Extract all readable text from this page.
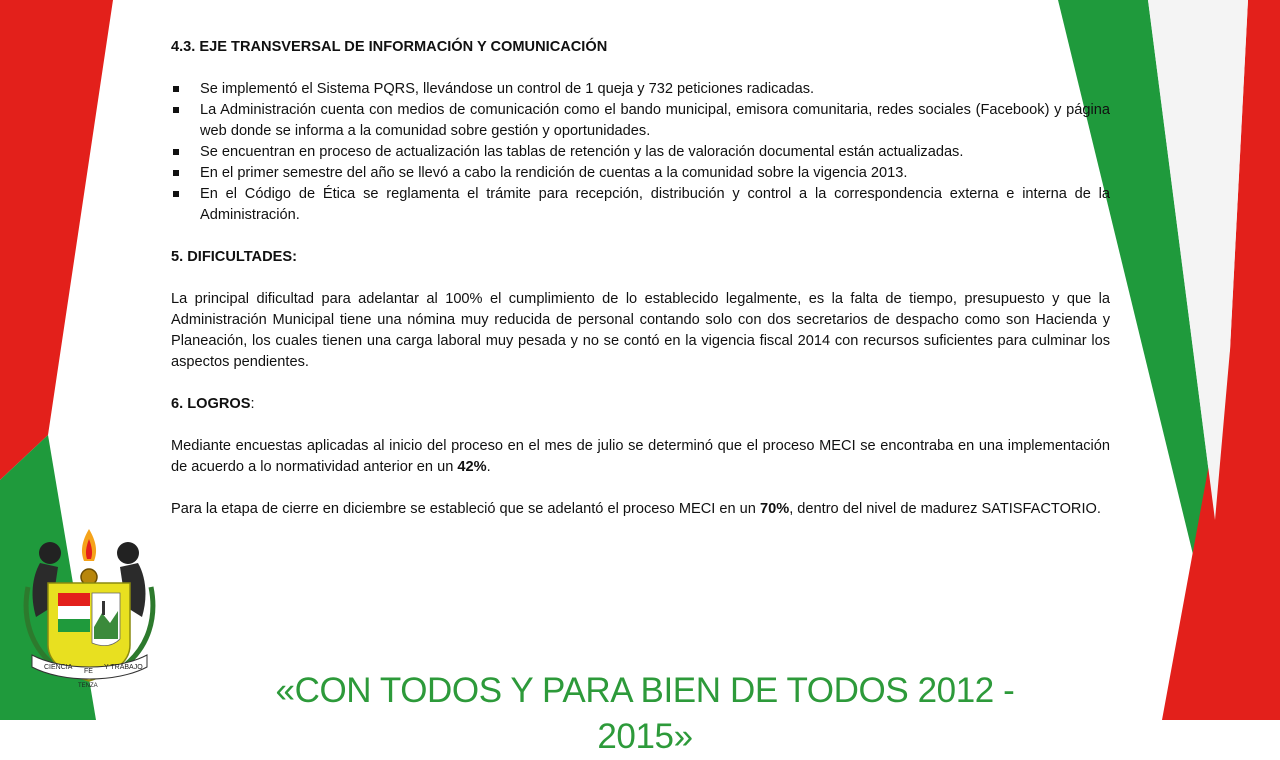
4.3. EJE TRANSVERSAL DE INFORMACIÓN Y COMUNICACIÓN

Se implementó el Sistema PQRS, llevándose un control de 1 queja y 732 peticiones radicadas.
La Administración cuenta con medios de comunicación como el bando municipal, emisora comunitaria, redes sociales (Facebook) y página web donde se informa a la comunidad sobre gestión y oportunidades.
Se encuentran en proceso de actualización las tablas de retención y las de valoración documental están actualizadas.
En el primer semestre del año se llevó a cabo la rendición de cuentas a la comunidad sobre la vigencia 2013.
En el Código de Ética se reglamenta el trámite para recepción, distribución y control a la correspondencia externa e interna de la Administración.

5. DIFICULTADES:

La principal dificultad para adelantar al 100% el cumplimiento de lo establecido legalmente, es la falta de tiempo, presupuesto y que la Administración Municipal tiene una nómina muy reducida de personal contando solo con dos secretarios de despacho como son Hacienda y Planeación, los cuales tienen una carga laboral muy pesada y no se contó en la vigencia fiscal 2014 con recursos suficientes para culminar los aspectos pendientes.

6. LOGROS:

Mediante encuestas aplicadas al inicio del proceso en el mes de julio se determinó que el proceso MECI se encontraba en una implementación de acuerdo a lo normatividad anterior en un 42%.

Para la etapa de cierre en diciembre se estableció que se adelantó el proceso MECI en un 70%, dentro del nivel de madurez SATISFACTORIO.

CIENCIA
FE
Y TRABAJO
TENZA	«CON TODOS Y PARA BIEN DE TODOS 2012 - 2015»
